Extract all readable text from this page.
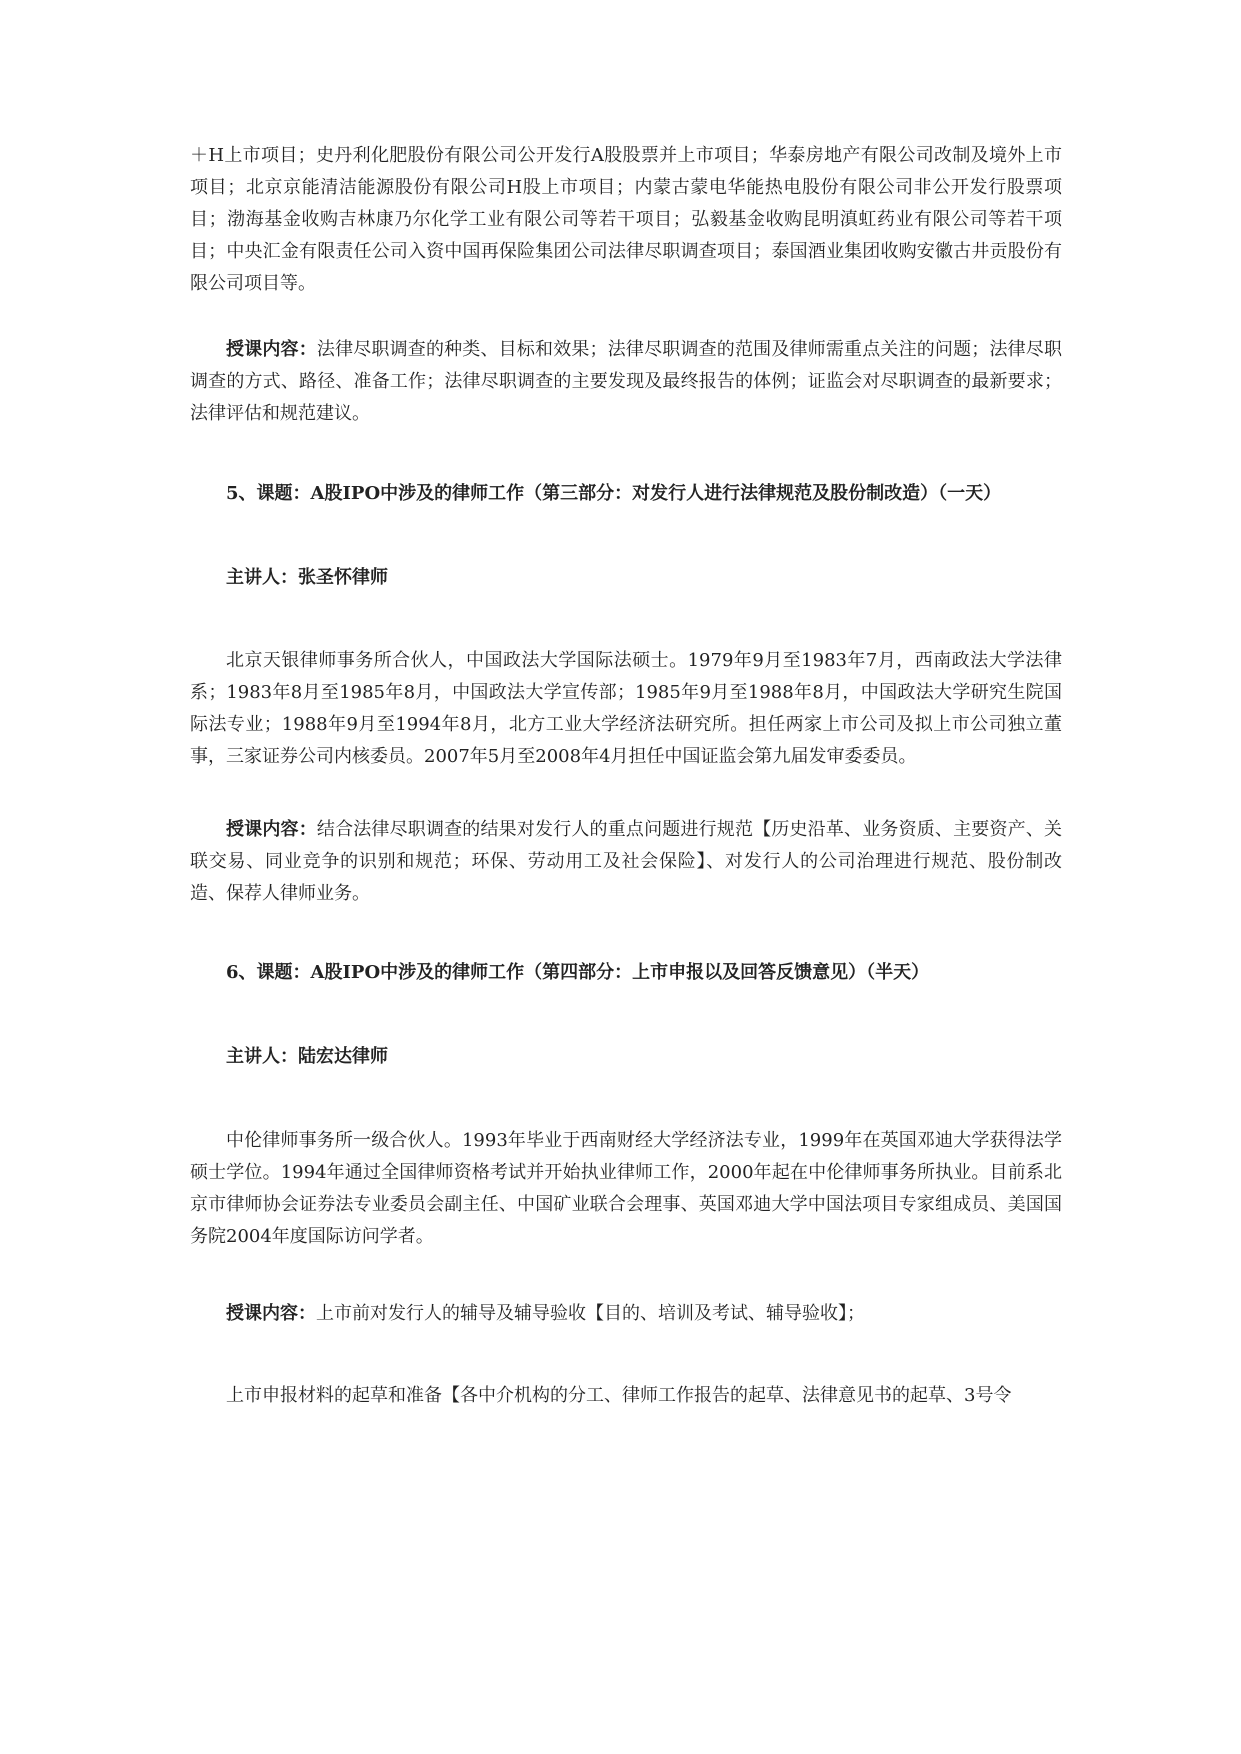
＋H上市项目；史丹利化肥股份有限公司公开发行A股股票并上市项目；华泰房地产有限公司改制及境外上市项目；北京京能清洁能源股份有限公司H股上市项目；内蒙古蒙电华能热电股份有限公司非公开发行股票项目；渤海基金收购吉林康乃尔化学工业有限公司等若干项目；弘毅基金收购昆明滇虹药业有限公司等若干项目；中央汇金有限责任公司入资中国再保险集团公司法律尽职调查项目；泰国酒业集团收购安徽古井贡股份有限公司项目等。

授课内容：法律尽职调查的种类、目标和效果；法律尽职调查的范围及律师需重点关注的问题；法律尽职调查的方式、路径、准备工作；法律尽职调查的主要发现及最终报告的体例；证监会对尽职调查的最新要求；法律评估和规范建议。

5、课题：A股IPO中涉及的律师工作（第三部分：对发行人进行法律规范及股份制改造）（一天）

主讲人：张圣怀律师

北京天银律师事务所合伙人，中国政法大学国际法硕士。1979年9月至1983年7月，西南政法大学法律系；1983年8月至1985年8月，中国政法大学宣传部；1985年9月至1988年8月，中国政法大学研究生院国际法专业；1988年9月至1994年8月，北方工业大学经济法研究所。担任两家上市公司及拟上市公司独立董事，三家证券公司内核委员。2007年5月至2008年4月担任中国证监会第九届发审委委员。

授课内容：结合法律尽职调查的结果对发行人的重点问题进行规范【历史沿革、业务资质、主要资产、关联交易、同业竞争的识别和规范；环保、劳动用工及社会保险】、对发行人的公司治理进行规范、股份制改造、保荐人律师业务。

6、课题：A股IPO中涉及的律师工作（第四部分：上市申报以及回答反馈意见）（半天）

主讲人：陆宏达律师

中伦律师事务所一级合伙人。1993年毕业于西南财经大学经济法专业，1999年在英国邓迪大学获得法学硕士学位。1994年通过全国律师资格考试并开始执业律师工作，2000年起在中伦律师事务所执业。目前系北京市律师协会证券法专业委员会副主任、中国矿业联合会理事、英国邓迪大学中国法项目专家组成员、美国国务院2004年度国际访问学者。

授课内容：上市前对发行人的辅导及辅导验收【目的、培训及考试、辅导验收】；

上市申报材料的起草和准备【各中介机构的分工、律师工作报告的起草、法律意见书的起草、3号令
